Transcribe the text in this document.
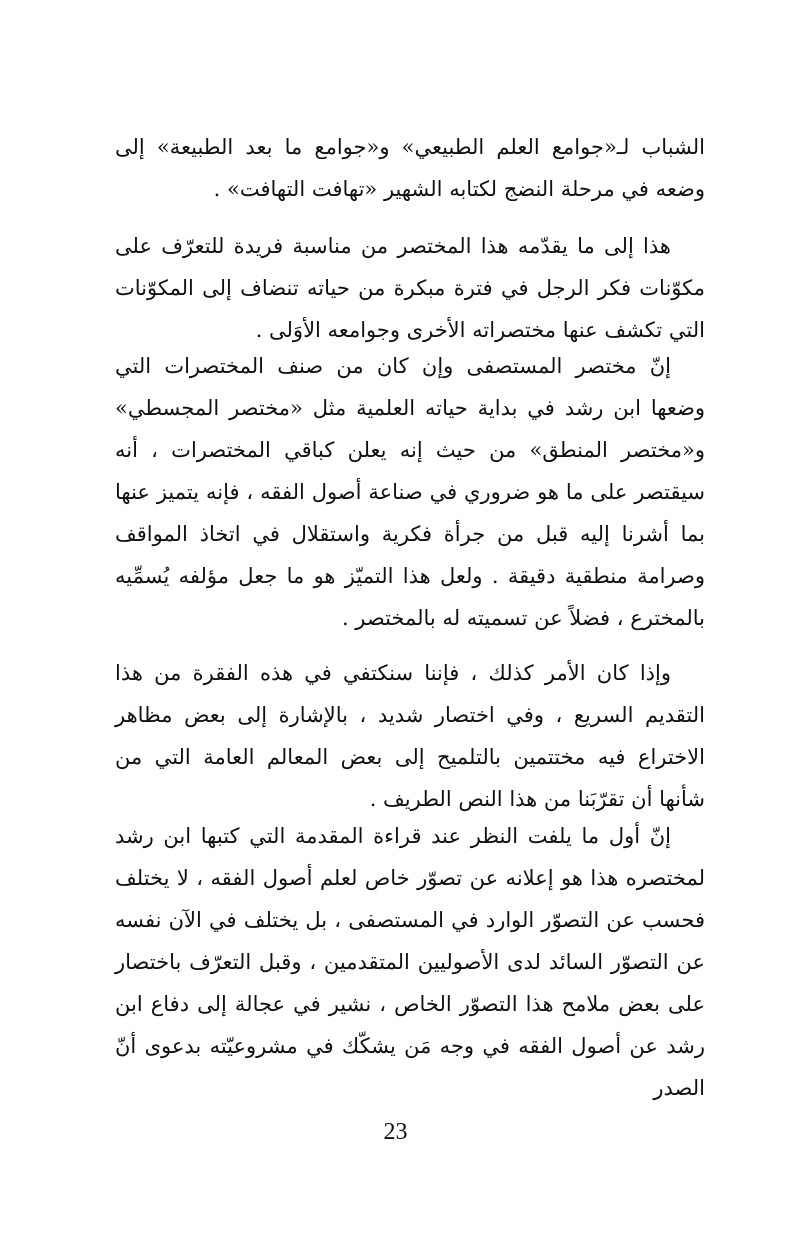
الشباب لـ«جوامع العلم الطبيعي» و«جوامع ما بعد الطبيعة» إلى وضعه في مرحلة النضج لكتابه الشهير «تهافت التهافت» .

هذا إلى ما يقدّمه هذا المختصر من مناسبة فريدة للتعرّف على مكوّنات فكر الرجل في فترة مبكرة من حياته تنضاف إلى المكوّنات التي تكشف عنها مختصراته الأخرى وجوامعه الأوَلى .

إنّ مختصر المستصفى وإن كان من صنف المختصرات التي وضعها ابن رشد في بداية حياته العلمية مثل «مختصر المجسطي» و«مختصر المنطق» من حيث إنه يعلن كباقي المختصرات ، أنه سيقتصر على ما هو ضروري في صناعة أصول الفقه ، فإنه يتميز عنها بما أشرنا إليه قبل من جرأة فكرية واستقلال في اتخاذ المواقف وصرامة منطقية دقيقة . ولعل هذا التميّز هو ما جعل مؤلفه يُسمِّيه بالمخترع ، فضلاً عن تسميته له بالمختصر .

وإذا كان الأمر كذلك ، فإننا سنكتفي في هذه الفقرة من هذا التقديم السريع ، وفي اختصار شديد ، بالإشارة إلى بعض مظاهر الاختراع فيه مختتمين بالتلميح إلى بعض المعالم العامة التي من شأنها أن تقرّبَنا من هذا النص الطريف .

إنّ أول ما يلفت النظر عند قراءة المقدمة التي كتبها ابن رشد لمختصره هذا هو إعلانه عن تصوّر خاص لعلم أصول الفقه ، لا يختلف فحسب عن التصوّر الوارد في المستصفى ، بل يختلف في الآن نفسه عن التصوّر السائد لدى الأصوليين المتقدمين ، وقبل التعرّف باختصار على بعض ملامح هذا التصوّر الخاص ، نشير في عجالة إلى دفاع ابن رشد عن أصول الفقه في وجه مَن يشكّك في مشروعيّته بدعوى أنّ الصدر

23
